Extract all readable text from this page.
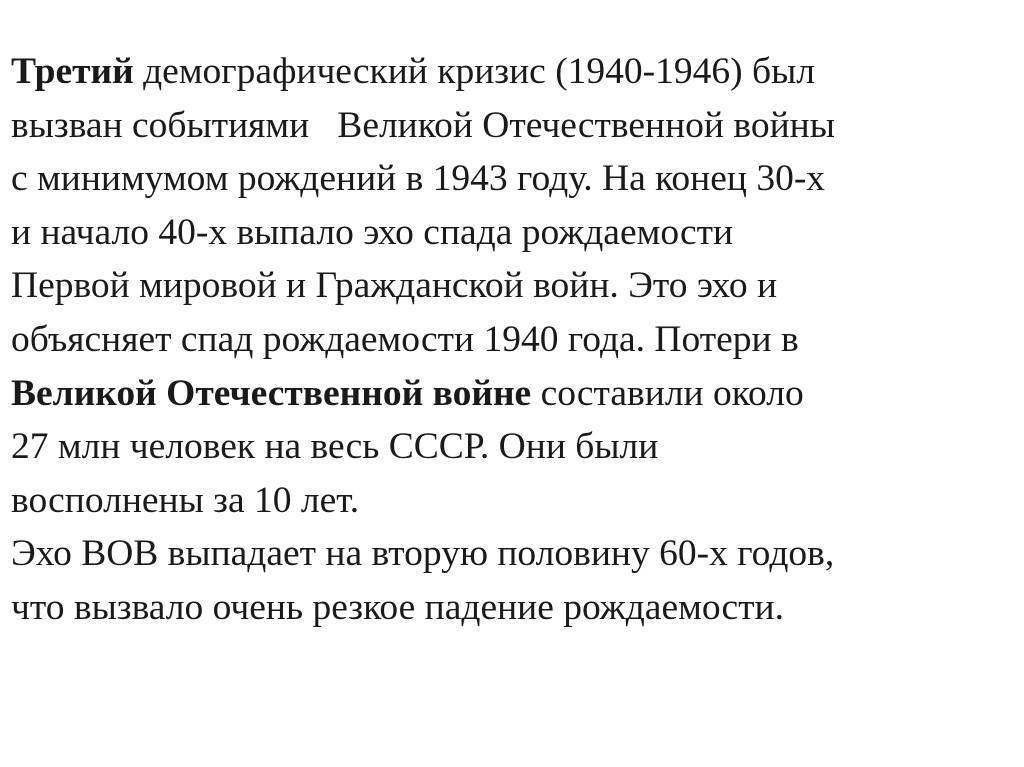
Третий демографический кризис (1940-1946) был
вызван событиями   Великой Отечественной войны
с минимумом рождений в 1943 году. На конец 30-х
и начало 40-х выпало эхо спада рождаемости
Первой мировой и Гражданской войн. Это эхо и
объясняет спад рождаемости 1940 года. Потери в
Великой Отечественной войне составили около
27 млн человек на весь СССР. Они были
восполнены за 10 лет.
Эхо ВОВ выпадает на вторую половину 60-х годов,
что вызвало очень резкое падение рождаемости.
